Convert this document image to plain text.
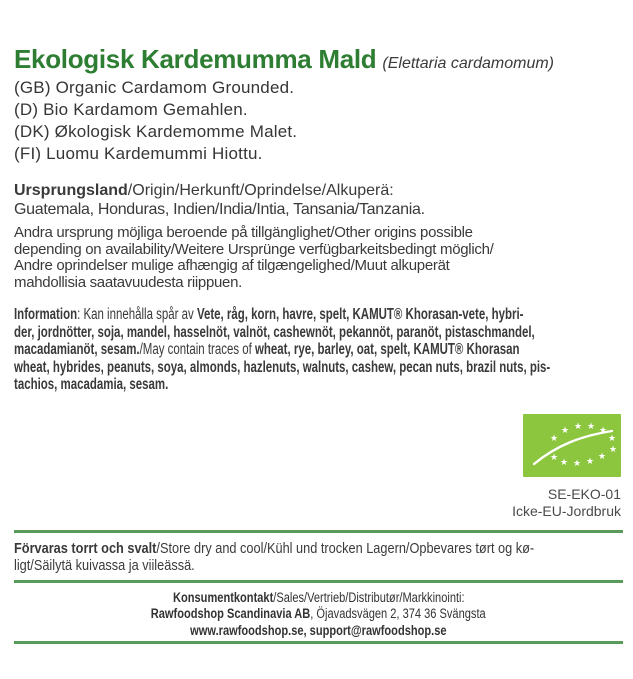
Ekologisk Kardemumma Mald (Elettaria cardamomum)
(GB) Organic Cardamom Grounded.
(D) Bio Kardamom Gemahlen.
(DK) Økologisk Kardemomme Malet.
(FI) Luomu Kardemummi Hiottu.
Ursprungsland/Origin/Herkunft/Oprindelse/Alkuperä:
Guatemala, Honduras, Indien/India/Intia, Tansania/Tanzania.
Andra ursprung möjliga beroende på tillgänglighet/Other origins possible
depending on availability/Weitere Ursprünge verfügbarkeitsbedingt möglich/
Andre oprindelser mulige afhængig af tilgængelighed/Muut alkuperät
mahdollisia saatavuudesta riippuen.
Information: Kan innehålla spår av Vete, råg, korn, havre, spelt, KAMUT® Khorasan-vete, hybri-
der, jordnötter, soja, mandel, hasselnöt, valnöt, cashewnöt, pekannöt, paranöt, pistaschmandel,
macadamianöt, sesam./May contain traces of wheat, rye, barley, oat, spelt, KAMUT® Khorasan
wheat, hybrides, peanuts, soya, almonds, hazlenuts, walnuts, cashew, pecan nuts, brazil nuts, pis-
tachios, macadamia, sesam.
★
★ ★ ★ ★
★
★
★
★
★
★
★
SE-EKO-01
Icke-EU-Jordbruk
Förvaras torrt och svalt/Store dry and cool/Kühl und trocken Lagern/Opbevares tørt og kø-
ligt/Säilytä kuivassa ja viileässä.
Konsumentkontakt/Sales/Vertrieb/Distributør/Markkinointi:
Rawfoodshop Scandinavia AB, Öjavadsvägen 2, 374 36 Svängsta
www.rawfoodshop.se, support@rawfoodshop.se
